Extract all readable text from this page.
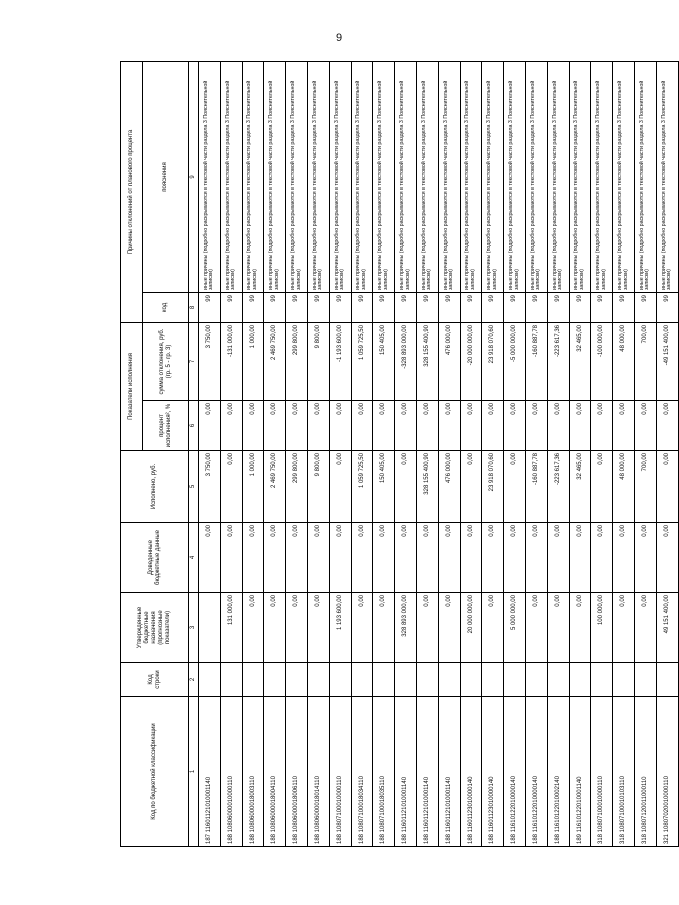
9
Код по бюджетной классификации	Код строки	Утвержденные бюджетные назначения (прогнозные показатели)	Доведенные бюджетные данные	Исполнено, руб.	Показатели исполнения		Причины отклонений от планового процента	
					процент исполнения², %	сумма отклонения, руб. (гр. 5 - гр. 3)	код	пояснения
1	2	3	4	5	6	7	8	9
187 11601121010001140			0,00	3 750,00	0,00	3 750,00	99	иные причины (подробно раскрываются в текстовой части раздела 3 Пояснительной записки)
188 10806000010000110		131 000,00	0,00	0,00	0,00	-131 000,00	99	иные причины (подробно раскрываются в текстовой части раздела 3 Пояснительной записки)
188 10806000018003110		0,00	0,00	1 000,00	0,00	1 000,00	99	иные причины (подробно раскрываются в текстовой части раздела 3 Пояснительной записки)
188 10806000018004110		0,00	0,00	2 469 750,00	0,00	2 469 750,00	99	иные причины (подробно раскрываются в текстовой части раздела 3 Пояснительной записки)
188 10806000018006110		0,00	0,00	299 800,00	0,00	299 800,00	99	иные причины (подробно раскрываются в текстовой части раздела 3 Пояснительной записки)
188 10806000018014110		0,00	0,00	9 800,00	0,00	9 800,00	99	иные причины (подробно раскрываются в текстовой части раздела 3 Пояснительной записки)
188 10807100010000110		1 193 600,00	0,00	0,00	0,00	-1 193 600,00	99	иные причины (подробно раскрываются в текстовой части раздела 3 Пояснительной записки)
188 10807100018034110		0,00	0,00	1 059 725,50	0,00	1 059 725,50	99	иные причины (подробно раскрываются в текстовой части раздела 3 Пояснительной записки)
188 10807100018035110		0,00	0,00	150 405,00	0,00	150 405,00	99	иные причины (подробно раскрываются в текстовой части раздела 3 Пояснительной записки)
188 11601121010001140		328 893 000,00	0,00	0,00	0,00	-328 893 000,00	99	иные причины (подробно раскрываются в текстовой части раздела 3 Пояснительной записки)
188 11601121010001140		0,00	0,00	328 155 400,90	0,00	328 155 400,90	99	иные причины (подробно раскрываются в текстовой части раздела 3 Пояснительной записки)
188 11601121010001140		0,00	0,00	476 000,00	0,00	476 000,00	99	иные причины (подробно раскрываются в текстовой части раздела 3 Пояснительной записки)
188 11601123010000140		20 000 000,00	0,00	0,00	0,00	-20 000 000,00	99	иные причины (подробно раскрываются в текстовой части раздела 3 Пояснительной записки)
188 11601123010000140		0,00	0,00	23 918 070,60	0,00	23 918 070,60	99	иные причины (подробно раскрываются в текстовой части раздела 3 Пояснительной записки)
188 11610122010000140		5 000 000,00	0,00	0,00	0,00	-5 000 000,00	99	иные причины (подробно раскрываются в текстовой части раздела 3 Пояснительной записки)
188 11610122010000140		0,00	0,00	-160 887,78	0,00	-160 887,78	99	иные причины (подробно раскрываются в текстовой части раздела 3 Пояснительной записки)
188 11610122010002140		0,00	0,00	-223 617,36	0,00	-223 617,36	99	иные причины (подробно раскрываются в текстовой части раздела 3 Пояснительной записки)
189 11610122010001140		0,00	0,00	32 465,00	0,00	32 465,00	99	иные причины (подробно раскрываются в текстовой части раздела 3 Пояснительной записки)
318 10807100010000110		100 000,00	0,00	0,00	0,00	-100 000,00	99	иные причины (подробно раскрываются в текстовой части раздела 3 Пояснительной записки)
318 10807100010103110		0,00	0,00	48 000,00	0,00	48 000,00	99	иные причины (подробно раскрываются в текстовой части раздела 3 Пояснительной записки)
318 10807120011000110		0,00	0,00	700,00	0,00	700,00	99	иные причины (подробно раскрываются в текстовой части раздела 3 Пояснительной записки)
321 10807020010000110		49 151 400,00	0,00	0,00	0,00	-49 151 400,00	99	иные причины (подробно раскрываются в текстовой части раздела 3 Пояснительной записки)
